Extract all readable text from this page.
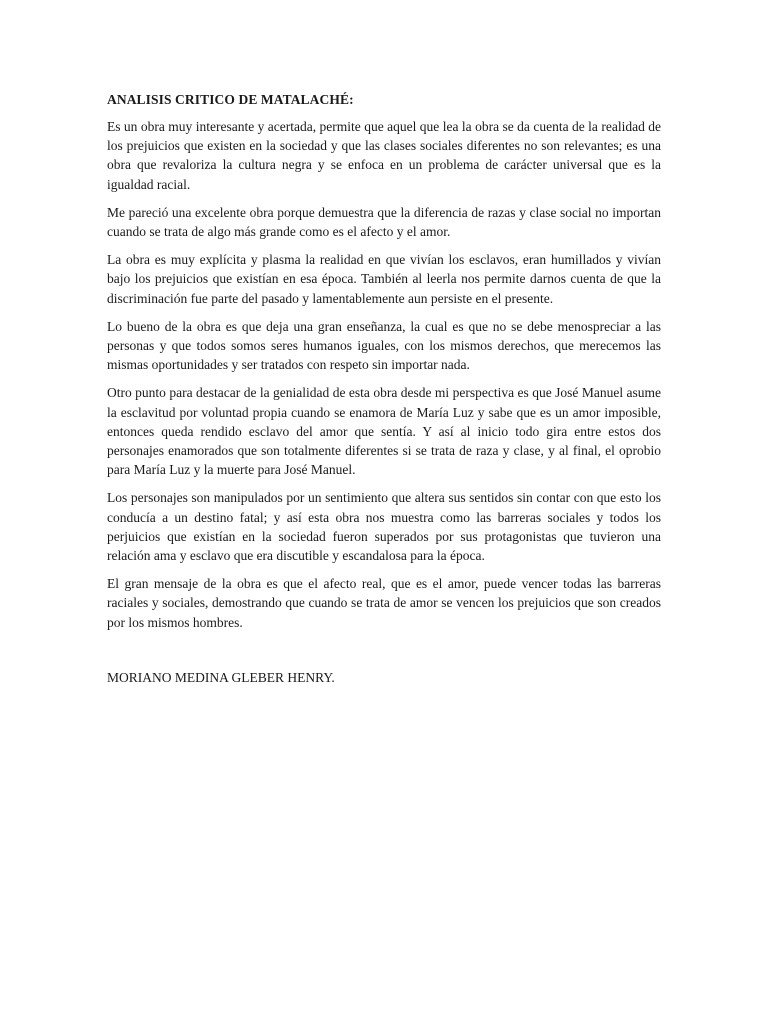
ANALISIS CRITICO DE MATALACHÉ:

Es un obra muy interesante y acertada, permite que aquel que lea la obra se da cuenta de la realidad de los prejuicios que existen en la sociedad y que las clases sociales diferentes no son relevantes; es una obra que revaloriza la cultura negra y se enfoca en un problema de carácter universal que es la igualdad racial.

Me pareció una excelente obra porque demuestra que la diferencia de razas y clase social no importan cuando se trata de algo más grande como es el afecto y el amor.

La obra es muy explícita y plasma la realidad en que vivían los esclavos, eran humillados y vivían bajo los prejuicios que existían en esa época. También al leerla nos permite darnos cuenta de que la discriminación fue parte del pasado y lamentablemente aun persiste en el presente.

Lo bueno de la obra es que deja una gran enseñanza, la cual es que no se debe menospreciar a las personas y que todos somos seres humanos iguales, con los mismos derechos, que merecemos las mismas oportunidades y ser tratados con respeto sin importar nada.

Otro punto para destacar de la genialidad de esta obra desde mi perspectiva es que José Manuel asume la esclavitud por voluntad propia cuando se enamora de María Luz y sabe que es un amor imposible, entonces queda rendido esclavo del amor que sentía. Y así al inicio todo gira entre estos dos personajes enamorados que son totalmente diferentes si se trata de raza y clase, y al final, el oprobio para María Luz y la muerte para José Manuel.

Los personajes son manipulados por un sentimiento que altera sus sentidos sin contar con que esto los conducía a un destino fatal; y así esta obra nos muestra como las barreras sociales y todos los perjuicios que existían en la sociedad fueron superados por sus protagonistas que tuvieron una relación ama y esclavo que era discutible y escandalosa para la época.

El gran mensaje de la obra es que el afecto real, que es el amor, puede vencer todas las barreras raciales y sociales, demostrando que cuando se trata de amor se vencen los prejuicios que son creados por los mismos hombres.

MORIANO MEDINA GLEBER HENRY.
